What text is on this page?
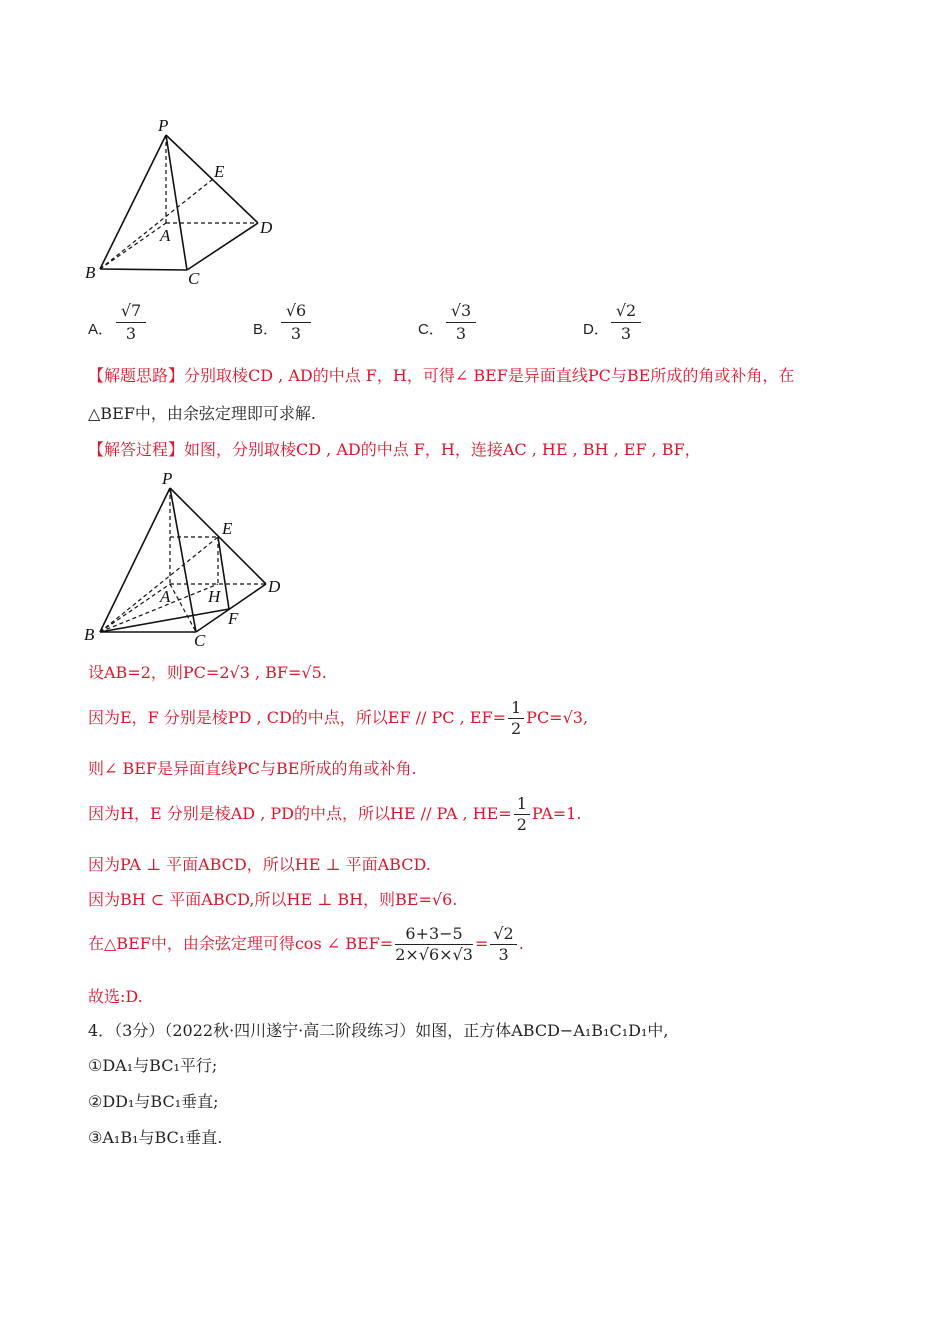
P
E
D
A
B	C
A． $\frac{√7}{3}$	B． $\frac{√6}{3}$	C． $\frac{√3}{3}$	D． $\frac{√2}{3}$
【解题思路】分别取棱CD , AD的中点 F，H，可得∠ BEF是异面直线PC与BE所成的角或补角，在
△BEF中，由余弦定理即可求解.
【解答过程】如图，分别取棱CD , AD的中点 F，H，连接AC , HE , BH , EF , BF，
P
E
D
A H
F
B	C
设AB=2，则PC=2√3 , BF=√5.
因为E，F 分别是棱PD , CD的中点，所以EF // PC , $EF= \frac{1}{2} PC=√3$,
则∠ BEF是异面直线PC与BE所成的角或补角.
因为H，E 分别是棱AD , PD的中点，所以HE // PA , $HE= \frac{1}{2} PA=1$.
因为PA ⊥ 平面ABCD，所以HE ⊥ 平面ABCD.
因为BH ⊂ 平面ABCD,所以HE ⊥ BH，则BE=√6.
在△BEF中，由余弦定理可得cos ∠ $BEF= \frac{6+3-5}{2\times√6\times√3} = \frac{√2}{3}$ .
故选:D.
4．（3分）（2022秋·四川遂宁·高二阶段练习）如图，正方体ABCD−A₁B₁C₁D₁中,
①DA₁与BC₁平行;
②DD₁与BC₁垂直;
③A₁B₁与BC₁垂直.
